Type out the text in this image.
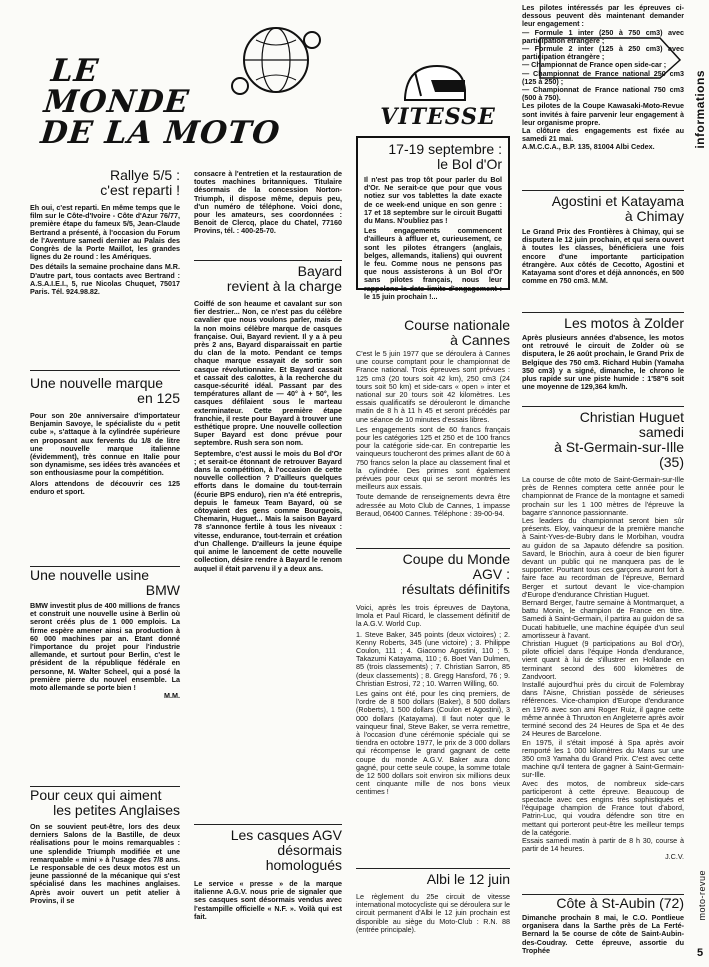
informations
moto-revue
5
LE
MONDE
DE LA MOTO	VITESSE
Rallye 5/5 :
c'est reparti !

Eh oui, c'est reparti. En même temps que le film sur le Côte-d'Ivoire - Côte d'Azur 76/77, première étape du fameux 5/5, Jean-Claude Bertrand a présenté, à l'occasion du Forum de l'Aventure samedi dernier au Palais des Congrès de la Porte Maillot, les grandes lignes du 2e round : les Amériques.

Des détails la semaine prochaine dans M.R. D'autre part, tous contacts avec Bertrand : A.S.A.I.E.I., 5, rue Nicolas Chuquet, 75017 Paris. Tél. 924.98.82.

Une nouvelle marque
en 125

Pour son 20e anniversaire d'importateur Benjamin Savoye, le spécialiste du « petit cube », s'attaque à la cylindrée supérieure en proposant aux fervents du 1/8 de litre une nouvelle marque italienne (évidemment), très connue en Italie pour son dynamisme, ses idées très avancées et son enthousiasme pour la compétition.

Alors attendons de découvrir ces 125 enduro et sport.

Une nouvelle usine
BMW

BMW investit plus de 400 millions de francs et construit une nouvelle usine à Berlin où seront créés plus de 1 000 emplois. La firme espère amener ainsi sa production à 60 000 machines par an. Etant donné l'importance du projet pour l'industrie allemande, et surtout pour Berlin, c'est le président de la république fédérale en personne, M. Walter Scheel, qui a posé la première pierre du nouvel ensemble. La moto allemande se porte bien !

M.M.

Pour ceux qui aiment
les petites Anglaises

On se souvient peut-être, lors des deux derniers Salons de la Bastille, de deux réalisations pour le moins remarquables : une splendide Triumph modifiée et une remarquable « mini » à l'usage des 7/8 ans. Le responsable de ces deux motos est un jeune passionné de la mécanique qui s'est spécialisé dans les machines anglaises. Après avoir ouvert un petit atelier à Provins, il se

consacre à l'entretien et la restauration de toutes machines britanniques. Titulaire désormais de la concession Norton-Triumph, il dispose même, depuis peu, d'un numéro de téléphone. Voici donc, pour les amateurs, ses coordonnées : Benoit de Clercq, place du Chatel, 77160 Provins, tél. : 400-25-70.

Bayard
revient à la charge

Coiffé de son heaume et cavalant sur son fier destrier... Non, ce n'est pas du célèbre cavalier que nous voulons parler, mais de la non moins célèbre marque de casques française. Oui, Bayard revient. Il y a à peu près 2 ans, Bayard disparaissait en partie du clan de la moto. Pendant ce temps chaque marque essayait de sortir son casque révolutionnaire. Et Bayard cassait et cassait des calottes, à la recherche du casque-sécurité idéal. Passant par des températures allant de — 40° à + 50°, les casques défilaient sous le marteau exterminateur. Cette première étape franchie, il reste pour Bayard à trouver une esthétique propre. Une nouvelle collection Super Bayard est donc prévue pour septembre. Rush sera son nom.

Septembre, c'est aussi le mois du Bol d'Or ; et serait-ce étonnant de retrouver Bayard dans la compétition, à l'occasion de cette nouvelle collection ? D'ailleurs quelques efforts dans le domaine du tout-terrain (écurie BPS enduro), rien n'a été entrepris, depuis le fameux Team Bayard, où se côtoyaient des gens comme Bourgeois, Chemarin, Huguet... Mais la saison Bayard 78 s'annonce fertile à tous les niveaux : vitesse, endurance, tout-terrain et création d'un Challenge. D'ailleurs la jeune équipe qui anime le lancement de cette nouvelle collection, désire rendre à Bayard le renom auquel il était parvenu il y a deux ans.

Les casques AGV
désormais
homologués

Le service « presse » de la marque italienne A.G.V. nous prie de signaler que ses casques sont désormais vendus avec l'estampille officielle « N.F. ». Voilà qui est fait.

17-19 septembre :
le Bol d'Or

Il n'est pas trop tôt pour parler du Bol d'Or. Ne serait-ce que pour que vous notiez sur vos tablettes la date exacte de ce week-end unique en son genre : 17 et 18 septembre sur le circuit Bugatti du Mans. N'oubliez pas !

Les engagements commencent d'ailleurs à affluer et, curieusement, ce sont les pilotes étrangers (anglais, belges, allemands, italiens) qui ouvrent le feu. Comme nous ne pensons pas que nous assisterons à un Bol d'Or sans pilotes français, nous leur rappelons la date limite d'engagement : le 15 juin prochain !...

Course nationale
à Cannes

C'est le 5 juin 1977 que se déroulera à Cannes une course comptant pour le championnat de France national. Trois épreuves sont prévues : 125 cm3 (20 tours soit 42 km), 250 cm3 (24 tours soit 50 km) et side-cars « open » inter et national sur 20 tours soit 42 kilomètres. Les essais qualificatifs se dérouleront le dimanche matin de 8 h à 11 h 45 et seront précédés par une séance de 10 minutes d'essais libres.

Les engagements sont de 60 francs français pour les catégories 125 et 250 et de 100 francs pour la catégorie side-car. En contrepartie les vainqueurs toucheront des primes allant de 60 à 750 francs selon la place au classement final et la cylindrée. Des primes sont également prévues pour ceux qui se seront montrés les meilleurs aux essais.

Toute demande de renseignements devra être adressée au Moto Club de Cannes, 1 impasse Beraud, 06400 Cannes. Téléphone : 39-00-94.

Coupe du Monde
AGV :
résultats définitifs

Voici, après les trois épreuves de Daytona, Imola et Paul Ricard, le classement définitif de la A.G.V. World Cup.

1. Steve Baker, 345 points (deux victoires) ; 2. Kenny Roberts, 345 (une victoire) ; 3. Philippe Coulon, 111 ; 4. Giacomo Agostini, 110 ; 5. Takazumi Katayama, 110 ; 6. Boet Van Dulmen, 85 (trois classements) ; 7. Christian Sarron, 85 (deux classements) ; 8. Gregg Hansford, 76 ; 9. Christian Estrosi, 72 ; 10. Warren Willing, 60.

Les gains ont été, pour les cinq premiers, de l'ordre de 8 500 dollars (Baker), 8 500 dollars (Roberts), 1 500 dollars (Coulon et Agostini), 3 000 dollars (Katayama). Il faut noter que le vainqueur final, Steve Baker, se verra remettre, à l'occasion d'une cérémonie spéciale qui se tiendra en octobre 1977, le prix de 3 000 dollars qui récompense le grand gagnant de cette coupe du monde A.G.V. Baker aura donc gagné, pour cette seule coupe, la somme totale de 12 500 dollars soit environ six millions deux cent cinquante mille de nos bons vieux centimes !

Albi le 12 juin

Le règlement du 25e circuit de vitesse international motocycliste qui se déroulera sur le circuit permanent d'Albi le 12 juin prochain est disponible au siège du Moto-Club : R.N. 88 (entrée principale).

Les pilotes intéressés par les épreuves ci-dessous peuvent dès maintenant demander leur engagement :

— Formule 1 inter (250 à 750 cm3) avec participation étrangère ;

— Formule 2 inter (125 à 250 cm3) avec participation étrangère ;

— Championnat de France open side-car ;

— Championnat de France national 250 cm3 (125 à 250) ;

— Championnat de France national 750 cm3 (500 à 750).

Les pilotes de la Coupe Kawasaki-Moto-Revue sont invités à faire parvenir leur engagement à leur organisme propre.

La clôture des engagements est fixée au samedi 21 mai.

A.M.C.C.A., B.P. 135, 81004 Albi Cedex.

Agostini et Katayama
à Chimay

Le Grand Prix des Frontières à Chimay, qui se disputera le 12 juin prochain, et qui sera ouvert à toutes les classes, bénéficiera une fois encore d'une importante participation étrangère. Aux côtés de Cecotto, Agostini et Katayama sont d'ores et déjà annoncés, en 500 comme en 750 cm3. M.M.

Les motos à Zolder

Après plusieurs années d'absence, les motos ont retrouvé le circuit de Zolder où se disputera, le 26 août prochain, le Grand Prix de Belgique des 750 cm3. Richard Hubin (Yamaha 350 cm3) y a signé, dimanche, le chrono le plus rapide sur une piste humide : 1'58"6 soit une moyenne de 129,364 km/h.

Christian Huguet
samedi
à St-Germain-sur-Ille
(35)

La course de côte moto de Saint-Germain-sur-Ille près de Rennes comptera cette année pour le championnat de France de la montagne et samedi prochain sur les 1 100 mètres de l'épreuve la bagarre s'annonce passionnante.

Les leaders du championnat seront bien sûr présents. Eloy, vainqueur de la première manche à Saint-Yves-de-Bubry dans le Morbihan, voudra au guidon de sa Japauto défendre sa position. Savard, le Briochin, aura à coeur de bien figurer devant un public qui ne manquera pas de le supporter. Pourtant tous ces garçons auront fort à faire face au recordman de l'épreuve, Bernard Berger et surtout devant le vice-champion d'Europe d'endurance Christian Huguet.

Bernard Berger, l'autre semaine à Montmarquet, a battu Monin, le champion de France en titre. Samedi à Saint-Germain, il partira au guidon de sa Ducati habituelle, une machine équipée d'un seul amortisseur à l'avant.

Christian Huguet (9 participations au Bol d'Or), pilote officiel dans l'équipe Honda d'endurance, vient quant à lui de s'illustrer en Hollande en terminant second des 600 kilomètres de Zandvoort.

Installé aujourd'hui près du circuit de Folembray dans l'Aisne, Christian possède de sérieuses références. Vice-champion d'Europe d'endurance en 1976 avec son ami Roger Ruiz, il gagne cette même année à Thruxton en Angleterre après avoir terminé second des 24 Heures de Spa et 4e des 24 Heures de Barcelone.

En 1975, il s'était imposé à Spa après avoir remporté les 1 000 kilomètres du Mans sur une 350 cm3 Yamaha du Grand Prix. C'est avec cette machine qu'il tentera de gagner à Saint-Germain-sur-Ille.

Avec des motos, de nombreux side-cars participeront à cette épreuve. Beaucoup de spectacle avec ces engins très sophistiqués et l'équipage champion de France tout d'abord, Patrin-Luc, qui voudra défendre son titre en mettant qui porteront peut-être les meilleur temps de la catégorie.

Essais samedi matin à partir de 8 h 30, course à partir de 14 heures.

J.C.V.

Côte à St-Aubin (72)

Dimanche prochain 8 mai, le C.O. Pontlieue organisera dans la Sarthe près de La Ferté-Bernard la 5e course de côte de Saint-Aubin-des-Coudray. Cette épreuve, assortie du Trophée
